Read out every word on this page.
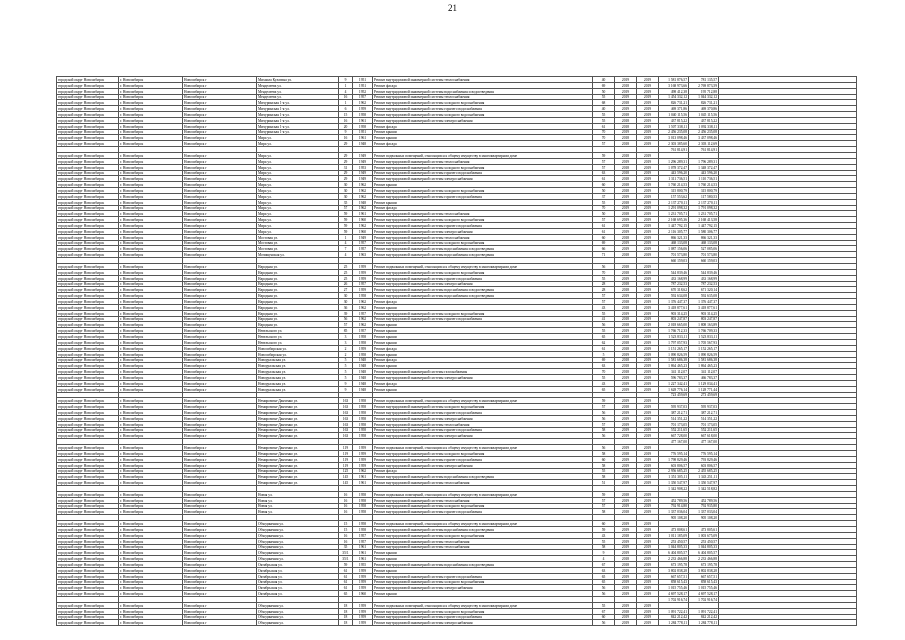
21
городской округ Новосибирск	г. Новосибирск	Новосибирск г	Михаила Кулагина ул.	9	1951	Ремонт внутридомовой инженерной системы теплоснабжения	40	2019	2019	1 581 876,57	781 135,57	
городской округ Новосибирск	г. Новосибирск	Новосибирск г	Менделеева ул.	1	1951	Ремонт фасада	69	2018	2019	3 168 973,66	2 769 873,59	
городской округ Новосибирск	г. Новосибирск	Новосибирск г	Менделеева ул.	4	1952	Ремонт внутридомовой инженерной системы водоснабжения и водоотведения	50	2019	2019	498 412,38	195 712,88	
городской округ Новосибирск	г. Новосибирск	Новосибирск г	Менделеева ул.	16	1957	Ремонт внутридомовой инженерной системы теплоснабжения	55	2019	2019	1 454 332,12	1 044 332,12	
городской округ Новосибирск	г. Новосибирск	Новосибирск г	Мичуринская 1-я ул.	1	1962	Ремонт внутридомовой инженерной системы холодного водоснабжения	68	2018	2019	826 731,21	826 731,21	
городской округ Новосибирск	г. Новосибирск	Новосибирск г	Мичуринская 1-я ул.	6	1959	Ремонт внутридомовой инженерной системы горячего водоснабжения	40	2019	2019	469 371,86	469 370,86	
городской округ Новосибирск	г. Новосибирск	Новосибирск г	Мичуринская 1-я ул.	15	1958	Ремонт внутридомовой инженерной системы холодного водоснабжения	55	2018	2019	1 040 115,56	1 045 115,56	
городской округ Новосибирск	г. Новосибирск	Новосибирск г	Мичуринская 1-я ул.	16	1961	Ремонт внутридомовой инженерной системы электроснабжения	55	2018	2019	437 815,22	437 815,22	
городской округ Новосибирск	г. Новосибирск	Новосибирск г	Мичуринская 1-я ул.	20	1958	Ремонт фасада	61	2018	2019	1 507 338,11	1 092 338,11	
городской округ Новосибирск	г. Новосибирск	Новосибирск г	Мичуринская 1-я ул.	9	1951	Ремонт крыши	70	2019	2019	2 456 235,08	2 456 235,08	
городской округ Новосибирск	г. Новосибирск	Новосибирск г	Мира ул.	16	1961	Ремонт крыши	70	2018	2019	3 013 098,46	3 437 098,46	
городской округ Новосибирск	г. Новосибирск	Новосибирск г	Мира ул.	29	1948	Ремонт фасада	57	2018	2019	2 303 385,60	2 303 112,69	
										761 814,91	761 814,91	
городской округ Новосибирск	г. Новосибирск	Новосибирск г	Мира ул.	29	1949	Ремонт подвальных помещений, относящихся к общему имуществу в многоквартирном доме	59	2018	2019			
городской округ Новосибирск	г. Новосибирск	Новосибирск г	Мира ул.	29	1949	Ремонт внутридомовой инженерной системы теплоснабжения	57	2019	2019	1 296 289,31	1 796 289,31	
городской округ Новосибирск	г. Новосибирск	Новосибирск г	Мира ул.	31	1953	Ремонт внутридомовой инженерной системы холодного водоснабжения	57	2018	2019	1 078 372,47	1 348 372,47	
городской округ Новосибирск	г. Новосибирск	Новосибирск г	Мира ул.	29	1949	Ремонт внутридомовой инженерной системы горячего водоснабжения	63	2018	2019	443 596,20	443 596,20	
городской округ Новосибирск	г. Новосибирск	Новосибирск г	Мира ул.	29	1949	Ремонт внутридомовой инженерной системы электроснабжения	61	2018	2019	1 311 736,51	1 110 736,51	
городской округ Новосибирск	г. Новосибирск	Новосибирск г	Мира ул.	30	1962	Ремонт крыши	60	2018	2019	1 760 214,53	1 760 214,53	
городской округ Новосибирск	г. Новосибирск	Новосибирск г	Мира ул.	30	1962	Ремонт внутридомовой инженерной системы холодного водоснабжения	50	2018	2019	315 800,79	315 800,79	
городской округ Новосибирск	г. Новосибирск	Новосибирск г	Мира ул.	30	1962	Ремонт внутридомовой инженерной системы горячего водоснабжения	37	2019	2019	157 553,62	117 580,53	
городской округ Новосибирск	г. Новосибирск	Новосибирск г	Мира ул.	35	1948	Ремонт крыши	55	2018	2019	2 137 270,11	2 137 270,11	
городской округ Новосибирск	г. Новосибирск	Новосибирск г	Мира ул.	57	1962	Ремонт фасада	70	2019	2019	1 291 098,32	1 791 098,32	
городской округ Новосибирск	г. Новосибирск	Новосибирск г	Мира ул.	59	1961	Ремонт внутридомовой инженерной системы теплоснабжения	50	2018	2019	1 231 705,71	1 231 705,71	
городской округ Новосибирск	г. Новосибирск	Новосибирск г	Мира ул.	59	1960	Ремонт внутридомовой инженерной системы холодного водоснабжения	57	2019	2019	2 168 695,36	2 168 413,58	
городской округ Новосибирск	г. Новосибирск	Новосибирск г	Мира ул.	59	1962	Ремонт внутридомовой инженерной системы горячего водоснабжения	61	2018	2019	1 447 792,15	1 447 792,15	
городской округ Новосибирск	г. Новосибирск	Новосибирск г	Мира ул.	59	1960	Ремонт внутридомовой инженерной системы электроснабжения	61	2019	2019	2 116 305,77	1 580 306,77	
городской округ Новосибирск	г. Новосибирск	Новосибирск г	Мостовая ул.	1	1949	Ремонт внутридомовой инженерной системы теплоснабжения	60	2018	2019	866 321,33	866 321,33	
городской округ Новосибирск	г. Новосибирск	Новосибирск г	Мостовая ул.	4	1957	Ремонт внутридомовой инженерной системы холодного водоснабжения	69	2019	2019	468 133,08	468 133,08	
городской округ Новосибирск	г. Новосибирск	Новосибирск г	Мостовая ул.	7	1957	Ремонт внутридомовой инженерной системы водоснабжения и водоотведения	66	2019	2019	1 087 156,06	527 085,06	
городской округ Новосибирск	г. Новосибирск	Новосибирск г	Мочищенская ул.	4	1963	Ремонт внутридомовой инженерной системы водоснабжения и водоотведения	71	2018	2019	701 573,80	701 573,80	
										660 159,03	660 159,03	
городской округ Новосибирск	г. Новосибирск	Новосибирск г	Народная ул.	25	1959	Ремонт подвальных помещений, относящихся к общему имуществу в многоквартирном доме	56	2018	2019			
городской округ Новосибирск	г. Новосибирск	Новосибирск г	Народная ул.	25	1959	Ремонт внутридомовой инженерной системы холодного водоснабжения	70	2018	2019	544 839,46	544 839,46	
городской округ Новосибирск	г. Новосибирск	Новосибирск г	Народная ул.	25	1959	Ремонт внутридомовой инженерной системы горячего водоснабжения	55	2019	2019	433 168,99	433 168,99	
городской округ Новосибирск	г. Новосибирск	Новосибирск г	Народная ул.	26	1957	Ремонт внутридомовой инженерной системы электроснабжения	28	2018	2019	787 232,53	787 232,53	
городской округ Новосибирск	г. Новосибирск	Новосибирск г	Народная ул.	27	1959	Ремонт внутридомовой инженерной системы водоснабжения и водоотведения	28	2018	2019	670 318,62	671 320,14	
городской округ Новосибирск	г. Новосибирск	Новосибирск г	Народная ул.	30	1958	Ремонт внутридомовой инженерной системы водоснабжения и водоотведения	57	2019	2019	592 634,08	592 635,08	
городской округ Новосибирск	г. Новосибирск	Новосибирск г	Народная ул.	30	1962	Ремонт фасада	57	2018	2019	1 376 447,37	1 376 447,37	
городской округ Новосибирск	г. Новосибирск	Новосибирск г	Народная ул.	36	1962	Ремонт крыши	43	2018	2019	3 418 877,61	3 418 877,61	
городской округ Новосибирск	г. Новосибирск	Новосибирск г	Народная ул.	39	1957	Ремонт внутридомовой инженерной системы холодного водоснабжения	55	2019	2019	903 314,25	903 314,25	
городской округ Новосибирск	г. Новосибирск	Новосибирск г	Народная ул.	56	1962	Ремонт внутридомовой инженерной системы горячего водоснабжения	41	2018	2019	803 247,87	803 247,87	
городской округ Новосибирск	г. Новосибирск	Новосибирск г	Народная ул.	57	1962	Ремонт крыши	56	2018	2019	2 018 665,00	1 808 163,89	
городской округ Новосибирск	г. Новосибирск	Новосибирск г	Невельского ул.	85	1957	Ремонт крыши	55	2019	2019	1 766 712,33	1 766 709,33	
городской округ Новосибирск	г. Новосибирск	Новосибирск г	Невельского ул.	3	1958	Ремонт крыши	65	2018	2019	1 523 833,11	1 523 833,11	
городской округ Новосибирск	г. Новосибирск	Новосибирск г	Невельского ул.	3	1958	Ремонт крыши	62	2018	2019	1 797 057,93	1 705 567,93	
городской округ Новосибирск	г. Новосибирск	Новосибирск г	Новосибирская ул.	2	1959	Ремонт фасада	61	2018	2019	1 151 265,17	1 152 265,17	
городской округ Новосибирск	г. Новосибирск	Новосибирск г	Новосибирская ул.	2	1958	Ремонт крыши	5	2019	2019	1 090 826,59	1 090 826,59	
городской округ Новосибирск	г. Новосибирск	Новосибирск г	Новоуральская ул.	5	1948	Ремонт фасада	69	2018	2019	1 581 686,38	1 581 686,38	
городской округ Новосибирск	г. Новосибирск	Новосибирск г	Новоуральская ул.	5	1948	Ремонт крыши	63	2018	2019	1 864 465,23	1 864 465,23	
городской округ Новосибирск	г. Новосибирск	Новосибирск г	Новоуральская ул.	5	1948	Ремонт внутридомовой инженерной системы газоснабжения	70	2018	2019	341 112,07	341 112,07	
городской округ Новосибирск	г. Новосибирск	Новосибирск г	Новоуральская ул.	5	1948	Ремонт внутридомовой инженерной системы электроснабжения	55	2019	2019	596 783,37	466 783,37	
городской округ Новосибирск	г. Новосибирск	Новосибирск г	Новоуральская ул.	9	1948	Ремонт фасада	43	2019	2019	1 227 342,41	1 129 034,41	
городской округ Новосибирск	г. Новосибирск	Новосибирск г	Новоуральская ул.	9	1948	Ремонт крыши	65	2019	2019	1 628 776,14	1 128 771,44	
										723 459,69	273 459,69	
городской округ Новосибирск	г. Новосибирск	Новосибирск г	Немировича-Данченко ул.	163	1958	Ремонт подвальных помещений, относящихся к общему имуществу в многоквартирном доме	59	2019	2019			
городской округ Новосибирск	г. Новосибирск	Новосибирск г	Немировича-Данченко ул.	163	1958	Ремонт внутридомовой инженерной системы холодного водоснабжения	57	2018	2019	595 937,03	595 937,03	
городской округ Новосибирск	г. Новосибирск	Новосибирск г	Немировича-Данченко ул.	163	1958	Ремонт внутридомовой инженерной системы горячего водоснабжения	56	2019	2019	387 212,71	387 212,71	
городской округ Новосибирск	г. Новосибирск	Новосибирск г	Немировича-Данченко ул.	163	1958	Ремонт внутридомовой инженерной системы электроснабжения	56	2019	2019	514 351,22	514 351,22	
городской округ Новосибирск	г. Новосибирск	Новосибирск г	Немировича-Данченко ул.	163	1958	Ремонт внутридомовой инженерной системы теплоснабжения	57	2019	2019	701 173,05	701 173,05	
городской округ Новосибирск	г. Новосибирск	Новосибирск г	Немировича-Данченко ул.	163	1958	Ремонт внутридомовой инженерной системы горячего водоснабжения	58	2019	2019	552 211,65	552 211,65	
городской округ Новосибирск	г. Новосибирск	Новосибирск г	Немировича-Данченко ул.	163	1958	Ремонт внутридомовой инженерной системы электроснабжения	56	2019	2019	667 728,00	667 618,00	
										477 167,00	477 167,00	
городской округ Новосибирск	г. Новосибирск	Новосибирск г	Немировича-Данченко ул.	119	1959	Ремонт подвальных помещений, относящихся к общему имуществу в многоквартирном доме	56	2019	2019			
городской округ Новосибирск	г. Новосибирск	Новосибирск г	Немировича-Данченко ул.	119	1959	Ремонт внутридомовой инженерной системы холодного водоснабжения	58	2018	2019	776 595,14	776 595,14	
городской округ Новосибирск	г. Новосибирск	Новосибирск г	Немировича-Данченко ул.	119	1959	Ремонт внутридомовой инженерной системы горячего водоснабжения	60	2019	2019	1 798 829,46	793 829,46	
городской округ Новосибирск	г. Новосибирск	Новосибирск г	Немировича-Данченко ул.	119	1959	Ремонт внутридомовой инженерной системы электроснабжения	58	2019	2019	603 806,57	603 806,57	
городской округ Новосибирск	г. Новосибирск	Новосибирск г	Немировича-Данченко ул.	125	1962	Ремонт фасада	55	2018	2019	2 956 685,25	2 455 685,25	
городской округ Новосибирск	г. Новосибирск	Новосибирск г	Немировича-Данченко ул.	145	1961	Ремонт внутридомовой инженерной системы водоснабжения и водоотведения	58	2019	2019	1 351 305,11	1 343 251,11	
городской округ Новосибирск	г. Новосибирск	Новосибирск г	Немировича-Данченко ул.	145	1961	Ремонт внутридомовой инженерной системы теплоснабжения	51	2019	2019	1 350 547,97	1 350 547,97	
										1 342 908,22	1 342 518,82	
городской округ Новосибирск	г. Новосибирск	Новосибирск г	Новая ул.	16	1958	Ремонт подвальных помещений, относящихся к общему имуществу в многоквартирном доме	59	2018	2019			
городской округ Новосибирск	г. Новосибирск	Новосибирск г	Новая ул.	16	1958	Ремонт внутридомовой инженерной системы теплоснабжения	57	2019	2019	452 789,56	452 789,56	
городской округ Новосибирск	г. Новосибирск	Новосибирск г	Новая ул.	16	1958	Ремонт внутридомовой инженерной системы холодного водоснабжения	57	2019	2019	792 914,80	792 935,80	
городской округ Новосибирск	г. Новосибирск	Новосибирск г	Новая ул.	16	1958	Ремонт внутридомовой инженерной системы горячего водоснабжения	58	2018	2019	1 337 036,04	1 337 033,04	
										905 108,20	905 108,20	
городской округ Новосибирск	г. Новосибирск	Новосибирск г	Объединения ул.	15	1958	Ремонт подвальных помещений, относящихся к общему имуществу в многоквартирном доме	60	2019	2019			
городской округ Новосибирск	г. Новосибирск	Новосибирск г	Объединения ул.	15	1958	Ремонт внутридомовой инженерной системы водоснабжения и водоотведения	59	2019	2019	473 808,61	473 805,61	
городской округ Новосибирск	г. Новосибирск	Новосибирск г	Объединения ул.	16	1957	Ремонт внутридомовой инженерной системы холодного водоснабжения	43	2018	2019	1 011 185,09	1 003 675,09	
городской округ Новосибирск	г. Новосибирск	Новосибирск г	Объединения ул.	16	1957	Ремонт внутридомовой инженерной системы теплоснабжения	55	2019	2019	253 450,57	253 450,57	
городской округ Новосибирск	г. Новосибирск	Новосибирск г	Объединения ул.	35	1961	Ремонт внутридомовой инженерной системы теплоснабжения	58	2019	2019	1 044 805,33	1 044 805,33	
городской округ Новосибирск	г. Новосибирск	Новосибирск г	Объединения ул.	35/1	1961	Ремонт крыши	9	2019	2019	6 404 805,57	6 404 805,57	
городской округ Новосибирск	г. Новосибирск	Новосибирск г	Объединения ул.	35/1	1961	Ремонт крыши	4	2018	2019	2 233 466,88	2 233 466,88	
городской округ Новосибирск	г. Новосибирск	Новосибирск г	Октябрьская ул.	59	1955	Ремонт внутридомовой инженерной системы водоснабжения и водоотведения	67	2018	2019	673 195,78	673 195,78	
городской округ Новосибирск	г. Новосибирск	Новосибирск г	Октябрьская ул.	61	1959	Ремонт крыши	63	2019	2019	3 802 838,28	3 802 838,28	
городской округ Новосибирск	г. Новосибирск	Новосибирск г	Октябрьская ул.	61	1959	Ремонт внутридомовой инженерной системы горячего водоснабжения	65	2019	2019	667 657,51	667 657,51	
городской округ Новосибирск	г. Новосибирск	Новосибирск г	Октябрьская ул.	61	1959	Ремонт внутридомовой инженерной системы холодного водоснабжения	65	2019	2019	858 615,43	858 615,43	
городской округ Новосибирск	г. Новосибирск	Новосибирск г	Октябрьская ул.	61	1959	Ремонт внутридомовой инженерной системы электроснабжения	56	2019	2019	1 015 755,46	1 015 755,46	
городской округ Новосибирск	г. Новосибирск	Новосибирск г	Октябрьская ул.	65	1960	Ремонт крыши	56	2019	2019	4 697 528,17	4 697 528,17	
										1 702 916,74	1 702 916,74	
городской округ Новосибирск	г. Новосибирск	Новосибирск г	Объединения ул.	18	1959	Ремонт подвальных помещений, относящихся к общему имуществу в многоквартирном доме	55	2019	2019			
городской округ Новосибирск	г. Новосибирск	Новосибирск г	Объединения ул.	18	1959	Ремонт внутридомовой инженерной системы холодного водоснабжения	67	2018	2019	1 091 722,41	1 091 722,41	
городской округ Новосибирск	г. Новосибирск	Новосибирск г	Объединения ул.	18	1959	Ремонт внутридомовой инженерной системы горячего водоснабжения	60	2019	2019	842 212,42	842 212,42	
городской округ Новосибирск	г. Новосибирск	Новосибирск г	Объединения ул.	18	1959	Ремонт внутридомовой инженерной системы электроснабжения	56	2019	2019	1 284 778,11	1 284 778,11	
